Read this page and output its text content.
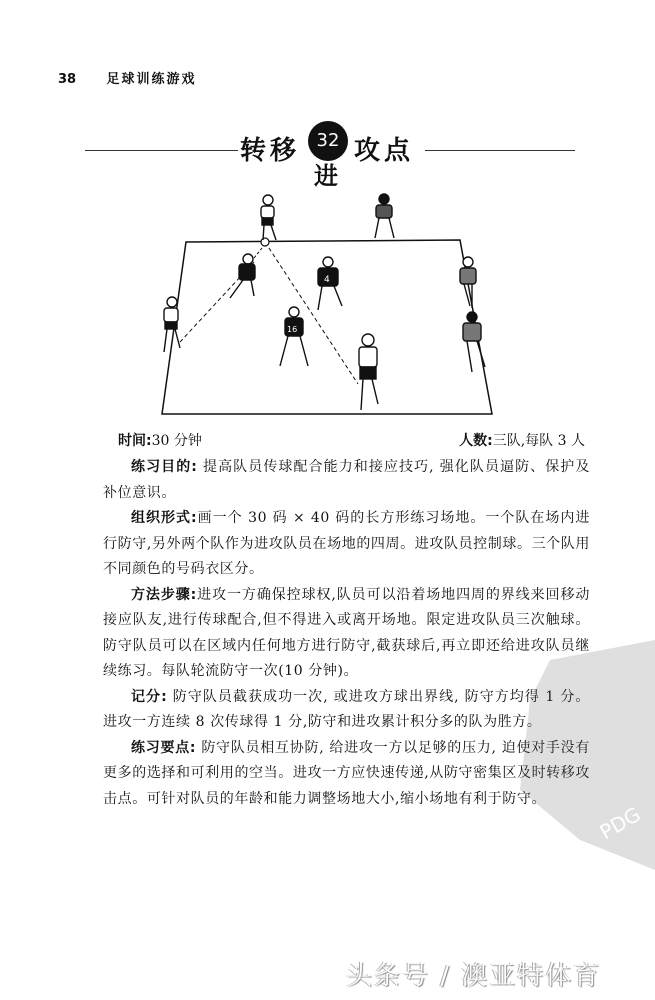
38 足球训练游戏
转移 32
进
攻点
4
16
时间:30 分钟	人数:三队,每队 3 人

练习目的: 提高队员传球配合能力和接应技巧, 强化队员逼防、保护及补位意识。

组织形式:画一个 30 码 × 40 码的长方形练习场地。一个队在场内进行防守,另外两个队作为进攻队员在场地的四周。进攻队员控制球。三个队用不同颜色的号码衣区分。

方法步骤:进攻一方确保控球权,队员可以沿着场地四周的界线来回移动接应队友,进行传球配合,但不得进入或离开场地。限定进攻队员三次触球。防守队员可以在区域内任何地方进行防守,截获球后,再立即还给进攻队员继续练习。每队轮流防守一次(10 分钟)。

记分: 防守队员截获成功一次, 或进攻方球出界线, 防守方均得 1 分。进攻一方连续 8 次传球得 1 分,防守和进攻累计积分多的队为胜方。

练习要点: 防守队员相互协防, 给进攻一方以足够的压力, 迫使对手没有更多的选择和可利用的空当。进攻一方应快速传递,从防守密集区及时转移攻击点。可针对队员的年龄和能力调整场地大小,缩小场地有利于防守。

PDG
头条号 / 澳亚特体育
